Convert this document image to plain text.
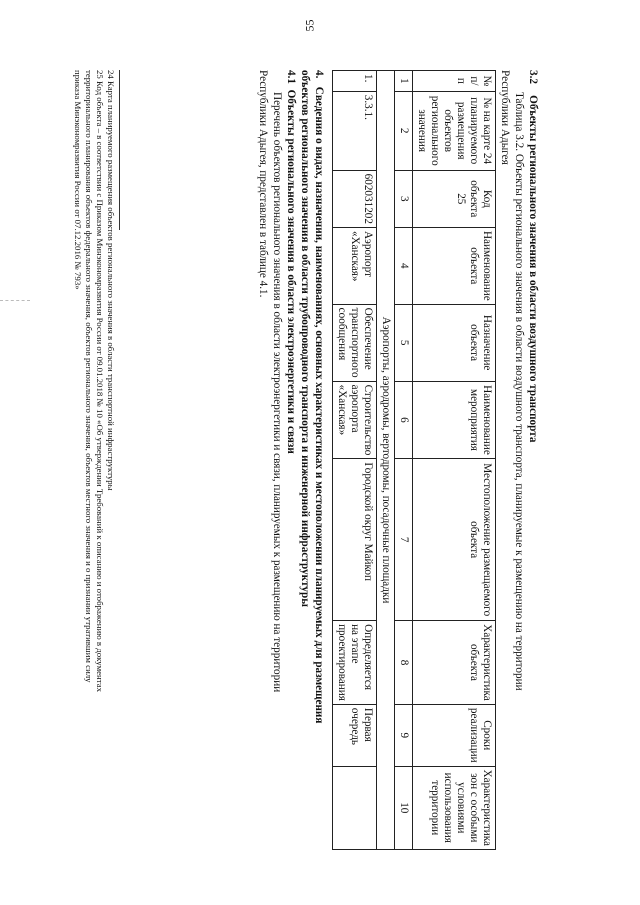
55
3.2    Объекты регионального значения в области воздушного транспорта
Таблица 3.2. Объекты регионального значения в области воздушного транспорта, планируемые к размещению на территории
Республики Адыгея
№ п/п	№ на карте 24 планируемого размещения объектов регионального значения	Код объекта 25	Наименование объекта	Назначение объекта	Наименование мероприятия	Местоположение размещаемого объекта	Характеристика объекта	Сроки реализации	Характеристика зон с особыми условиями использования территории
1	2	3	4	5	6	7	8	9	10
Аэропорты, аэродромы, вертодромы, посадочные площадки									
1.	3.3.1.	602031202	Аэропорт «Ханская»	Обеспечение транспортного сообщения	Строительство аэропорта «Ханская»	Городской округ Майкоп	Определяется на этапе проектирования	Первая очередь	
4.   Сведения о видах, назначении, наименованиях, основных характеристиках и местоположении планируемых для размещения
объектов регионального значения в области трубопроводного транспорта и инженерной инфраструктуры
4.1  Объекты регионального значения в области электроэнергетики и связи
Перечень объектов регионального значения в области электроэнергетики и связи, планируемых к размещению на территории
Республики Адыгея, представлен в таблице 4.1.
24 Карта планируемого размещения объектов регионального значения в области транспортной инфраструктуры
25 Код объекта – в соответствии с Приказом Минэкономразвития России от 09.01.2018 № 10 «Об утверждении Требований к описанию и отображению в документах
территориального планирования объектов федерального значения, объектов регионального значения, объектов местного значения и о признании утратившим силу
приказа Минэкономразвития России от 07.12.2016 № 793»
